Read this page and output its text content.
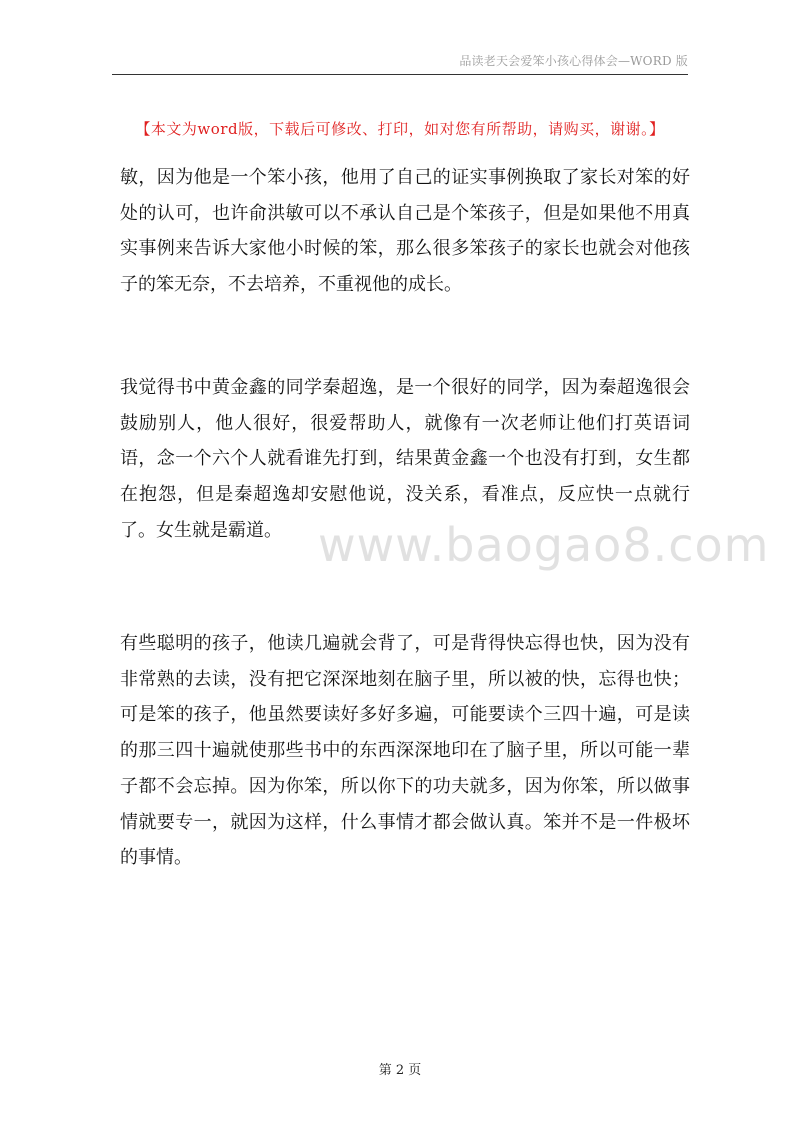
品读老天会爱笨小孩心得体会—WORD 版
【本文为word版，下载后可修改、打印，如对您有所帮助，请购买，谢谢。】

敏，因为他是一个笨小孩，他用了自己的证实事例换取了家长对笨的好处的认可，也许俞洪敏可以不承认自己是个笨孩子，但是如果他不用真实事例来告诉大家他小时候的笨，那么很多笨孩子的家长也就会对他孩子的笨无奈，不去培养，不重视他的成长。

我觉得书中黄金鑫的同学秦超逸，是一个很好的同学，因为秦超逸很会鼓励别人，他人很好，很爱帮助人，就像有一次老师让他们打英语词语，念一个六个人就看谁先打到，结果黄金鑫一个也没有打到，女生都在抱怨，但是秦超逸却安慰他说，没关系，看准点，反应快一点就行了。女生就是霸道。

有些聪明的孩子，他读几遍就会背了，可是背得快忘得也快，因为没有非常熟的去读，没有把它深深地刻在脑子里，所以被的快，忘得也快；可是笨的孩子，他虽然要读好多好多遍，可能要读个三四十遍，可是读的那三四十遍就使那些书中的东西深深地印在了脑子里，所以可能一辈子都不会忘掉。因为你笨，所以你下的功夫就多，因为你笨，所以做事情就要专一，就因为这样，什么事情才都会做认真。笨并不是一件极坏的事情。

www.baogao8.com
第 2 页
